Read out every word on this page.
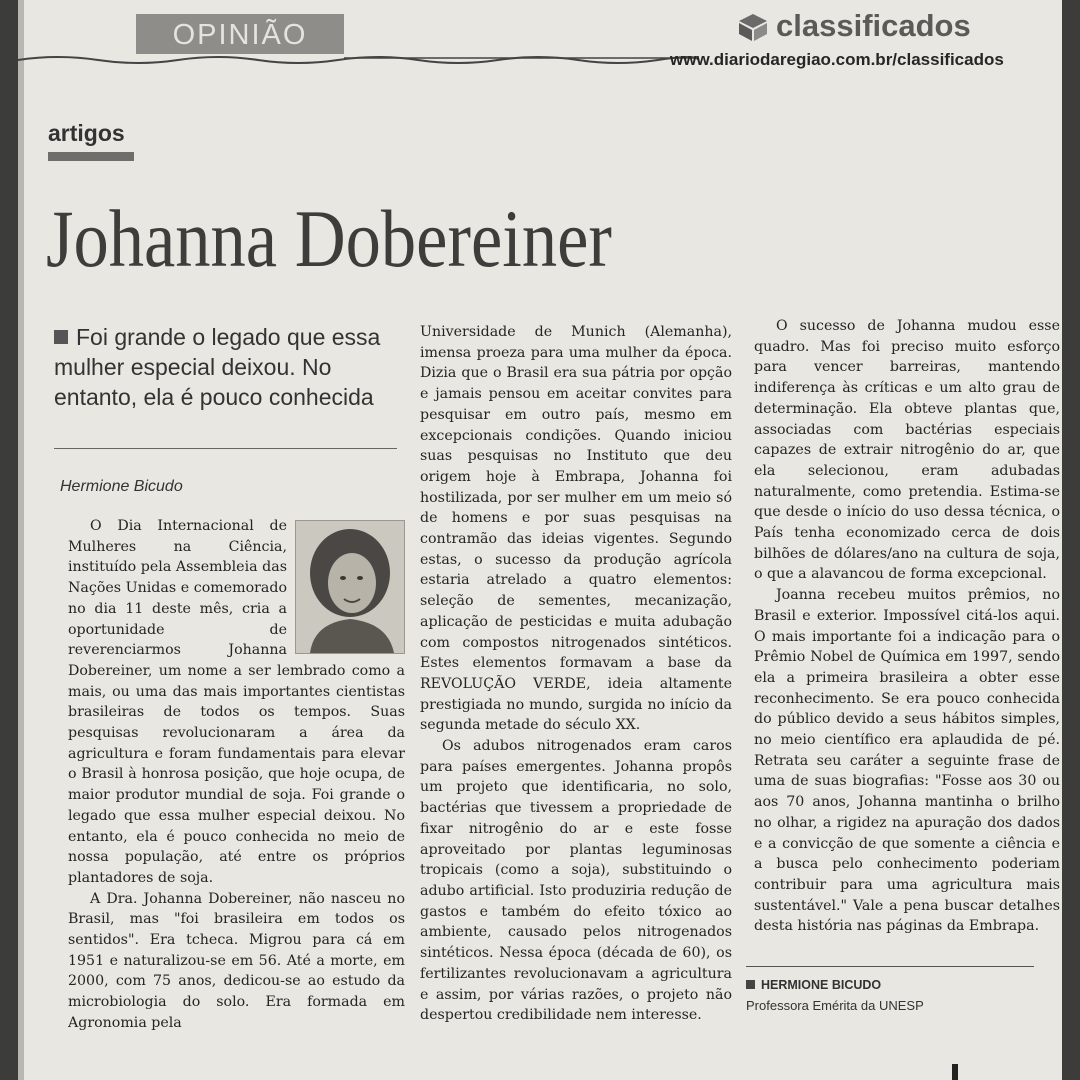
OPINIÃO	classificados
www.diariodaregiao.com.br/classificados
artigos
Johanna Dobereiner
Foi grande o legado que essa mulher especial deixou. No entanto, ela é pouco conhecida
Hermione Bicudo

O Dia Internacional de Mulheres na Ciência, instituído pela Assembleia das Nações Unidas e comemorado no dia 11 deste mês, cria a oportunidade de reverenciarmos Johanna Dobereiner, um nome a ser lembrado como a mais, ou uma das mais importantes cientistas brasileiras de todos os tempos. Suas pesquisas revolucionaram a área da agricultura e foram fundamentais para elevar o Brasil à honrosa posição, que hoje ocupa, de maior produtor mundial de soja. Foi grande o legado que essa mulher especial deixou. No entanto, ela é pouco conhecida no meio de nossa população, até entre os próprios plantadores de soja.

A Dra. Johanna Dobereiner, não nasceu no Brasil, mas "foi brasileira em todos os sentidos". Era tcheca. Migrou para cá em 1951 e naturalizou-se em 56. Até a morte, em 2000, com 75 anos, dedicou-se ao estudo da microbiologia do solo. Era formada em Agronomia pela

Universidade de Munich (Alemanha), imensa proeza para uma mulher da época. Dizia que o Brasil era sua pátria por opção e jamais pensou em aceitar convites para pesquisar em outro país, mesmo em excepcionais condições. Quando iniciou suas pesquisas no Instituto que deu origem hoje à Embrapa, Johanna foi hostilizada, por ser mulher em um meio só de homens e por suas pesquisas na contramão das ideias vigentes. Segundo estas, o sucesso da produção agrícola estaria atrelado a quatro elementos: seleção de sementes, mecanização, aplicação de pesticidas e muita adubação com compostos nitrogenados sintéticos. Estes elementos formavam a base da REVOLUÇÃO VERDE, ideia altamente prestigiada no mundo, surgida no início da segunda metade do século XX.

Os adubos nitrogenados eram caros para países emergentes. Johanna propôs um projeto que identificaria, no solo, bactérias que tivessem a propriedade de fixar nitrogênio do ar e este fosse aproveitado por plantas leguminosas tropicais (como a soja), substituindo o adubo artificial. Isto produziria redução de gastos e também do efeito tóxico ao ambiente, causado pelos nitrogenados sintéticos. Nessa época (década de 60), os fertilizantes revolucionavam a agricultura e assim, por várias razões, o projeto não despertou credibilidade nem interesse.

O sucesso de Johanna mudou esse quadro. Mas foi preciso muito esforço para vencer barreiras, mantendo indiferença às críticas e um alto grau de determinação. Ela obteve plantas que, associadas com bactérias especiais capazes de extrair nitrogênio do ar, que ela selecionou, eram adubadas naturalmente, como pretendia. Estima-se que desde o início do uso dessa técnica, o País tenha economizado cerca de dois bilhões de dólares/ano na cultura de soja, o que a alavancou de forma excepcional.

Joanna recebeu muitos prêmios, no Brasil e exterior. Impossível citá-los aqui. O mais importante foi a indicação para o Prêmio Nobel de Química em 1997, sendo ela a primeira brasileira a obter esse reconhecimento. Se era pouco conhecida do público devido a seus hábitos simples, no meio científico era aplaudida de pé. Retrata seu caráter a seguinte frase de uma de suas biografias: "Fosse aos 30 ou aos 70 anos, Johanna mantinha o brilho no olhar, a rigidez na apuração dos dados e a convicção de que somente a ciência e a busca pelo conhecimento poderiam contribuir para uma agricultura mais sustentável." Vale a pena buscar detalhes desta história nas páginas da Embrapa.

HERMIONE BICUDO
Professora Emérita da UNESP
